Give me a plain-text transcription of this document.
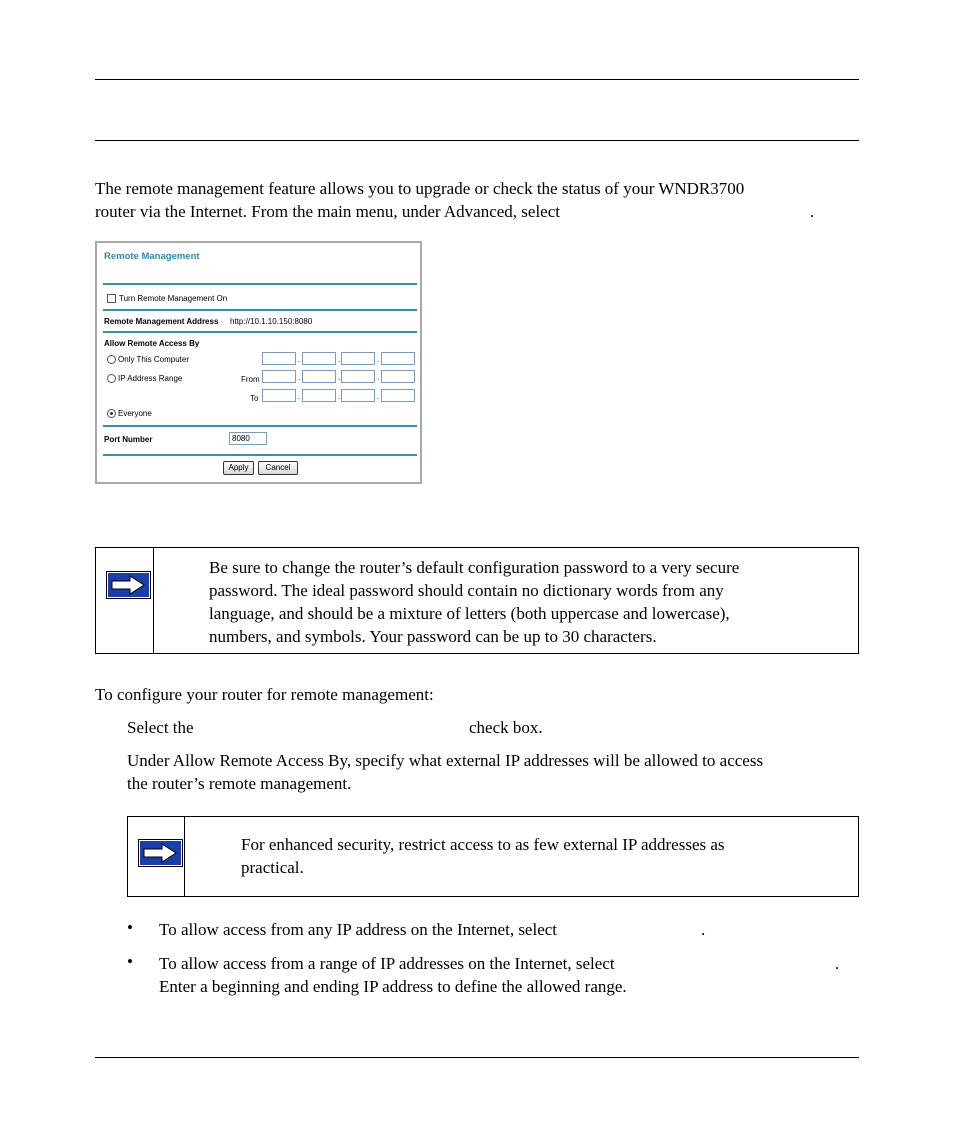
The remote management feature allows you to upgrade or check the status of your WNDR3700
router via the Internet. From the main menu, under Advanced, select	.
Remote Management
Turn Remote Management On
Remote Management Address http://10.1.10.150:8080
Allow Remote Access By
Only This Computer	.	.	.
IP Address Range	From	.	.	.
To	.	.	.
Everyone
Port Number	8080
Apply	Cancel
Be sure to change the router’s default configuration password to a very secure
password. The ideal password should contain no dictionary words from any
language, and should be a mixture of letters (both uppercase and lowercase),
numbers, and symbols. Your password can be up to 30 characters.
To configure your router for remote management:
Select the	check box.
Under Allow Remote Access By, specify what external IP addresses will be allowed to access
the router’s remote management.
For enhanced security, restrict access to as few external IP addresses as
practical.
• To allow access from any IP address on the Internet, select	.
• To allow access from a range of IP addresses on the Internet, select	.
Enter a beginning and ending IP address to define the allowed range.
